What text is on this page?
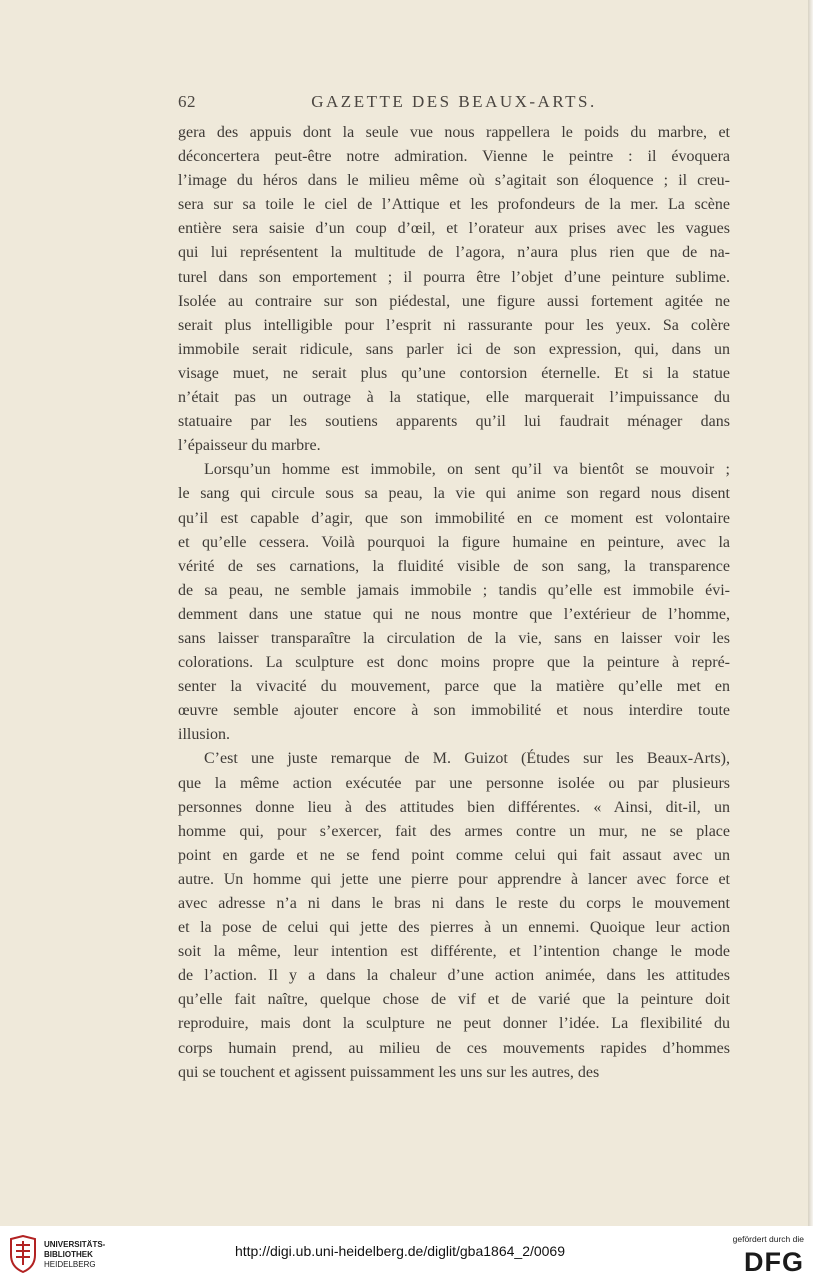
62	GAZETTE DES BEAUX-ARTS.
gera des appuis dont la seule vue nous rappellera le poids du marbre, et
déconcertera peut-être notre admiration. Vienne le peintre : il évoquera
l’image du héros dans le milieu même où s’agitait son éloquence ; il creu-
sera sur sa toile le ciel de l’Attique et les profondeurs de la mer. La scène
entière sera saisie d’un coup d’œil, et l’orateur aux prises avec les vagues
qui lui représentent la multitude de l’agora, n’aura plus rien que de na-
turel dans son emportement ; il pourra être l’objet d’une peinture sublime.
Isolée au contraire sur son piédestal, une figure aussi fortement agitée ne
serait plus intelligible pour l’esprit ni rassurante pour les yeux. Sa colère
immobile serait ridicule, sans parler ici de son expression, qui, dans un
visage muet, ne serait plus qu’une contorsion éternelle. Et si la statue
n’était pas un outrage à la statique, elle marquerait l’impuissance du
statuaire par les soutiens apparents qu’il lui faudrait ménager dans
l’épaisseur du marbre.
Lorsqu’un homme est immobile, on sent qu’il va bientôt se mouvoir ;
le sang qui circule sous sa peau, la vie qui anime son regard nous disent
qu’il est capable d’agir, que son immobilité en ce moment est volontaire
et qu’elle cessera. Voilà pourquoi la figure humaine en peinture, avec la
vérité de ses carnations, la fluidité visible de son sang, la transparence
de sa peau, ne semble jamais immobile ; tandis qu’elle est immobile évi-
demment dans une statue qui ne nous montre que l’extérieur de l’homme,
sans laisser transparaître la circulation de la vie, sans en laisser voir les
colorations. La sculpture est donc moins propre que la peinture à repré-
senter la vivacité du mouvement, parce que la matière qu’elle met en
œuvre semble ajouter encore à son immobilité et nous interdire toute
illusion.
C’est une juste remarque de M. Guizot (Études sur les Beaux-Arts),
que la même action exécutée par une personne isolée ou par plusieurs
personnes donne lieu à des attitudes bien différentes. « Ainsi, dit-il, un
homme qui, pour s’exercer, fait des armes contre un mur, ne se place
point en garde et ne se fend point comme celui qui fait assaut avec un
autre. Un homme qui jette une pierre pour apprendre à lancer avec force et
avec adresse n’a ni dans le bras ni dans le reste du corps le mouvement
et la pose de celui qui jette des pierres à un ennemi. Quoique leur action
soit la même, leur intention est différente, et l’intention change le mode
de l’action. Il y a dans la chaleur d’une action animée, dans les attitudes
qu’elle fait naître, quelque chose de vif et de varié que la peinture doit
reproduire, mais dont la sculpture ne peut donner l’idée. La flexibilité du
corps humain prend, au milieu de ces mouvements rapides d’hommes
qui se touchent et agissent puissamment les uns sur les autres, des
UNIVERSITÄTS-
BIBLIOTHEK
HEIDELBERG
http://digi.ub.uni-heidelberg.de/diglit/gba1864_2/0069
gefördert durch die
DFG
